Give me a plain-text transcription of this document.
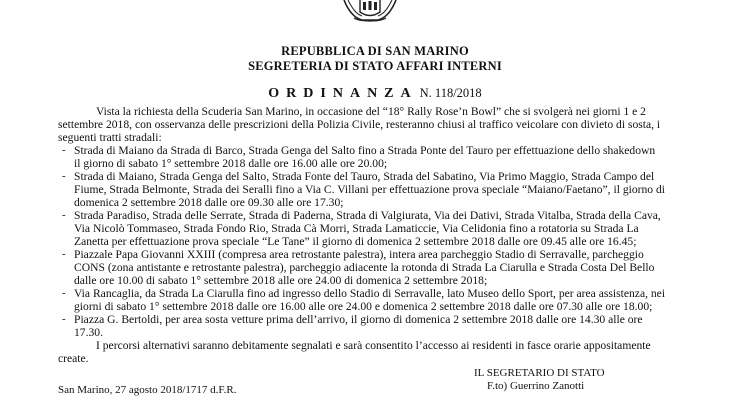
REPUBBLICA DI SAN MARINO
SEGRETERIA DI STATO AFFARI INTERNI
ORDINANZA N. 118/2018
Vista la richiesta della Scuderia San Marino, in occasione del “18° Rally Rose’n Bowl” che si svolgerà nei giorni 1 e 2
settembre 2018, con osservanza delle prescrizioni della Polizia Civile, resteranno chiusi al traffico veicolare con divieto di sosta, i
seguenti tratti stradali:
- Strada di Maiano da Strada di Barco, Strada Genga del Salto fino a Strada Ponte del Tauro per effettuazione dello shakedown
il giorno di sabato 1° settembre 2018 dalle ore 16.00 alle ore 20.00;
- Strada di Maiano, Strada Genga del Salto, Strada Fonte del Tauro, Strada del Sabatino, Via Primo Maggio, Strada Campo del
Fiume, Strada Belmonte, Strada dei Seralli fino a Via C. Villani per effettuazione prova speciale “Maiano/Faetano”, il giorno di
domenica 2 settembre 2018 dalle ore 09.30 alle ore 17.30;
- Strada Paradiso, Strada delle Serrate, Strada di Paderna, Strada di Valgiurata, Via dei Dativi, Strada Vitalba, Strada della Cava,
Via Nicolò Tommaseo, Strada Fondo Rio, Strada Cà Morri, Strada Lamaticcie, Via Celidonia fino a rotatoria su Strada La
Zanetta per effettuazione prova speciale “Le Tane” il giorno di domenica 2 settembre 2018 dalle ore 09.45 alle ore 16.45;
- Piazzale Papa Giovanni XXIII (compresa area retrostante palestra), intera area parcheggio Stadio di Serravalle, parcheggio
CONS (zona antistante e retrostante palestra), parcheggio adiacente la rotonda di Strada La Ciarulla e Strada Costa Del Bello
dalle ore 10.00 di sabato 1° settembre 2018 alle ore 24.00 di domenica 2 settembre 2018;
- Via Rancaglia, da Strada La Ciarulla fino ad ingresso dello Stadio di Serravalle, lato Museo dello Sport, per area assistenza, nei
giorni di sabato 1° settembre 2018 dalle ore 16.00 alle ore 24.00 e domenica 2 settembre 2018 dalle ore 07.30 alle ore 18.00;
- Piazza G. Bertoldi, per area sosta vetture prima dell’arrivo, il giorno di domenica 2 settembre 2018 dalle ore 14.30 alle ore
17.30.
I percorsi alternativi saranno debitamente segnalati e sarà consentito l’accesso ai residenti in fasce orarie appositamente
create.
IL SEGRETARIO DI STATO
F.to) Guerrino Zanotti
San Marino, 27 agosto 2018/1717 d.F.R.
